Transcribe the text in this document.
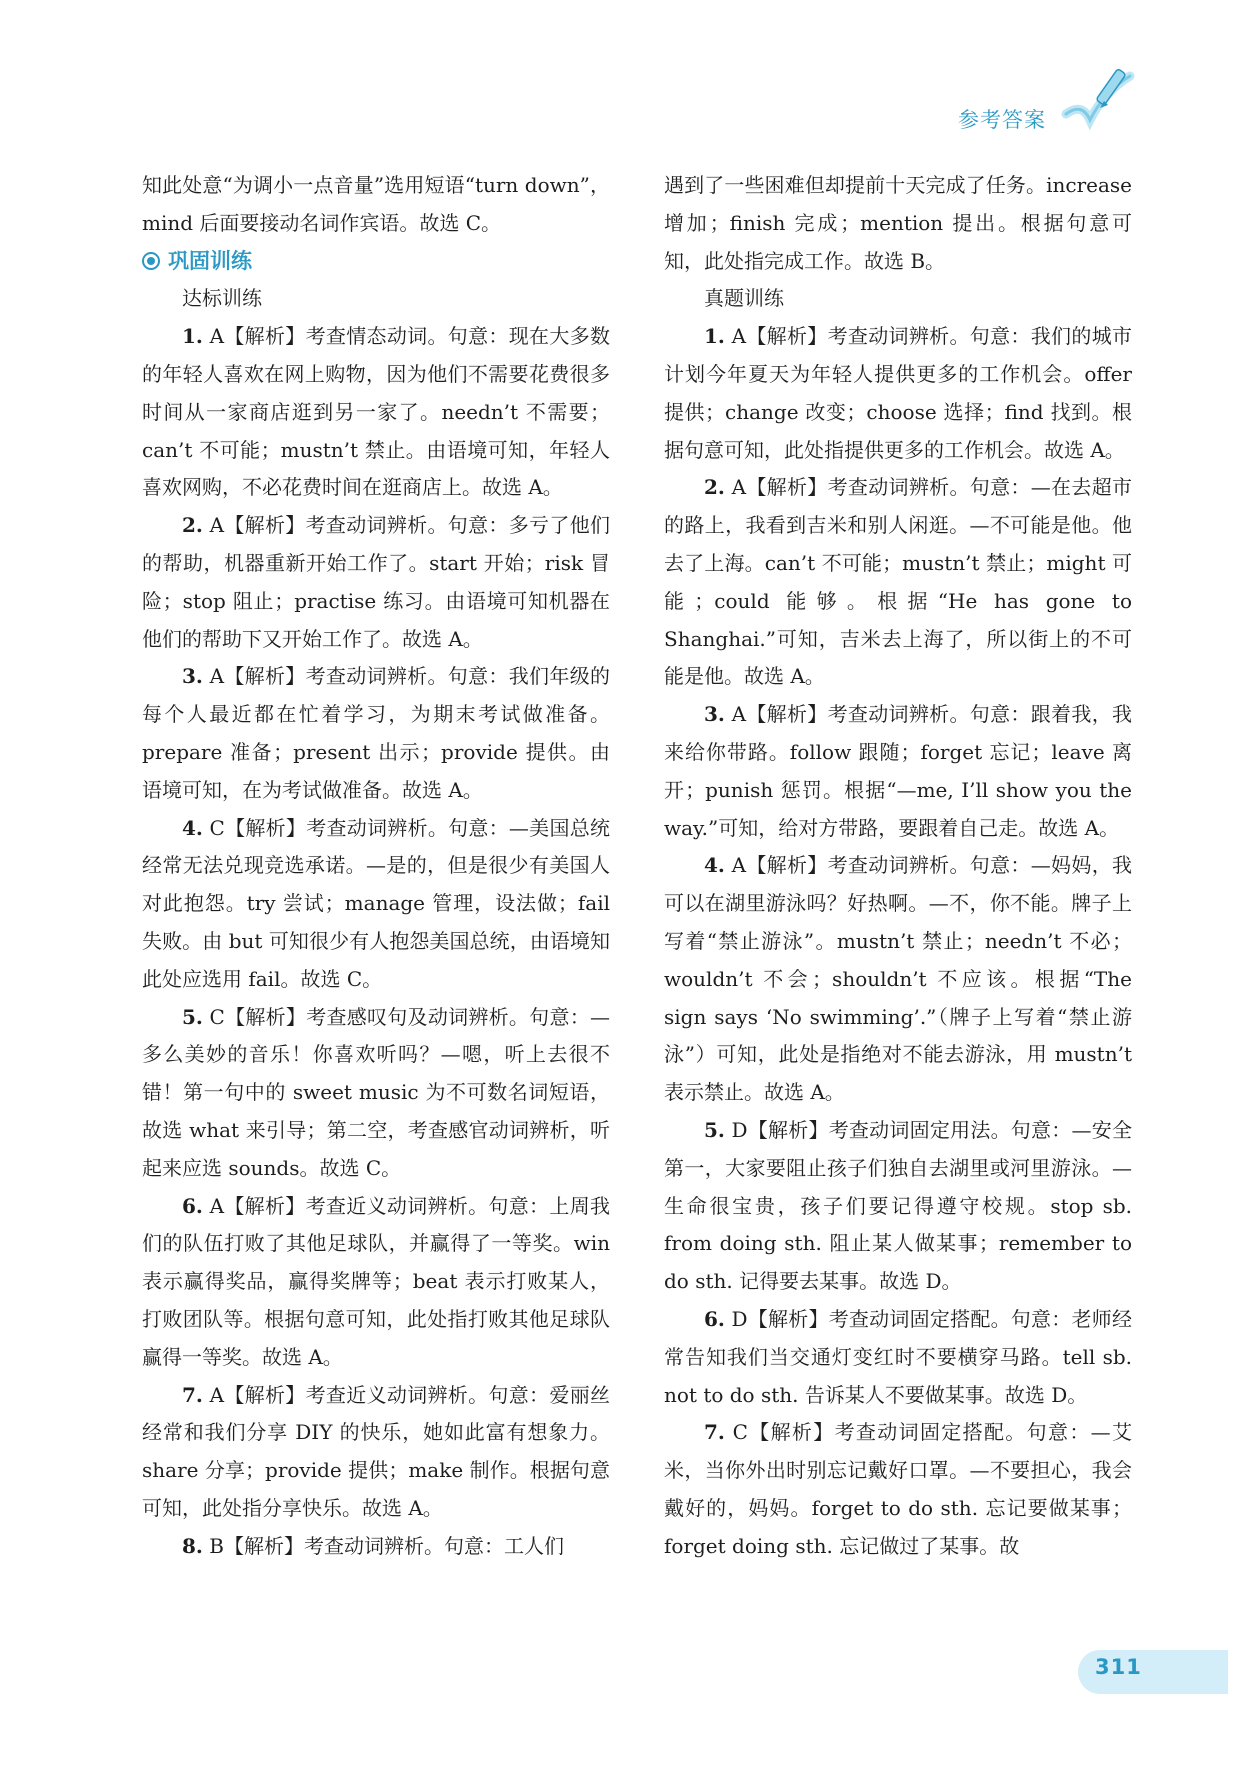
参考答案

知此处意“为调小一点音量”选用短语“turn down”，mind 后面要接动名词作宾语。故选 C。

巩固训练

达标训练

1. A【解析】考查情态动词。句意：现在大多数的年轻人喜欢在网上购物，因为他们不需要花费很多时间从一家商店逛到另一家了。needn’t 不需要；can’t 不可能；mustn’t 禁止。由语境可知，年轻人喜欢网购，不必花费时间在逛商店上。故选 A。

2. A【解析】考查动词辨析。句意：多亏了他们的帮助，机器重新开始工作了。start 开始；risk 冒险；stop 阻止；practise 练习。由语境可知机器在他们的帮助下又开始工作了。故选 A。

3. A【解析】考查动词辨析。句意：我们年级的每个人最近都在忙着学习，为期末考试做准备。prepare 准备；present 出示；provide 提供。由语境可知，在为考试做准备。故选 A。

4. C【解析】考查动词辨析。句意：—美国总统经常无法兑现竞选承诺。—是的，但是很少有美国人对此抱怨。try 尝试；manage 管理，设法做；fail 失败。由 but 可知很少有人抱怨美国总统，由语境知此处应选用 fail。故选 C。

5. C【解析】考查感叹句及动词辨析。句意：—多么美妙的音乐！你喜欢听吗？—嗯，听上去很不错！第一句中的 sweet music 为不可数名词短语，故选 what 来引导；第二空，考查感官动词辨析，听起来应选 sounds。故选 C。

6. A【解析】考查近义动词辨析。句意：上周我们的队伍打败了其他足球队，并赢得了一等奖。win 表示赢得奖品，赢得奖牌等；beat 表示打败某人，打败团队等。根据句意可知，此处指打败其他足球队赢得一等奖。故选 A。

7. A【解析】考查近义动词辨析。句意：爱丽丝经常和我们分享 DIY 的快乐，她如此富有想象力。share 分享；provide 提供；make 制作。根据句意可知，此处指分享快乐。故选 A。

8. B【解析】考查动词辨析。句意：工人们

遇到了一些困难但却提前十天完成了任务。increase 增加；finish 完成；mention 提出。根据句意可知，此处指完成工作。故选 B。

真题训练

1. A【解析】考查动词辨析。句意：我们的城市计划今年夏天为年轻人提供更多的工作机会。offer 提供；change 改变；choose 选择；find 找到。根据句意可知，此处指提供更多的工作机会。故选 A。

2. A【解析】考查动词辨析。句意：—在去超市的路上，我看到吉米和别人闲逛。—不可能是他。他去了上海。can’t 不可能；mustn’t 禁止；might 可能；could 能够。根据“He has gone to Shanghai.”可知，吉米去上海了，所以街上的不可能是他。故选 A。

3. A【解析】考查动词辨析。句意：跟着我，我来给你带路。follow 跟随；forget 忘记；leave 离开；punish 惩罚。根据“—me, I’ll show you the way.”可知，给对方带路，要跟着自己走。故选 A。

4. A【解析】考查动词辨析。句意：—妈妈，我可以在湖里游泳吗？好热啊。—不，你不能。牌子上写着“禁止游泳”。mustn’t 禁止；needn’t 不必；wouldn’t 不会；shouldn’t 不应该。根据“The sign says ‘No swimming’.”（牌子上写着“禁止游泳”）可知，此处是指绝对不能去游泳，用 mustn’t 表示禁止。故选 A。

5. D【解析】考查动词固定用法。句意：—安全第一，大家要阻止孩子们独自去湖里或河里游泳。—生命很宝贵，孩子们要记得遵守校规。stop sb. from doing sth. 阻止某人做某事；remember to do sth. 记得要去某事。故选 D。

6. D【解析】考查动词固定搭配。句意：老师经常告知我们当交通灯变红时不要横穿马路。tell sb. not to do sth. 告诉某人不要做某事。故选 D。

7. C【解析】考查动词固定搭配。句意：—艾米，当你外出时别忘记戴好口罩。—不要担心，我会戴好的，妈妈。forget to do sth. 忘记要做某事；forget doing sth. 忘记做过了某事。故

311
